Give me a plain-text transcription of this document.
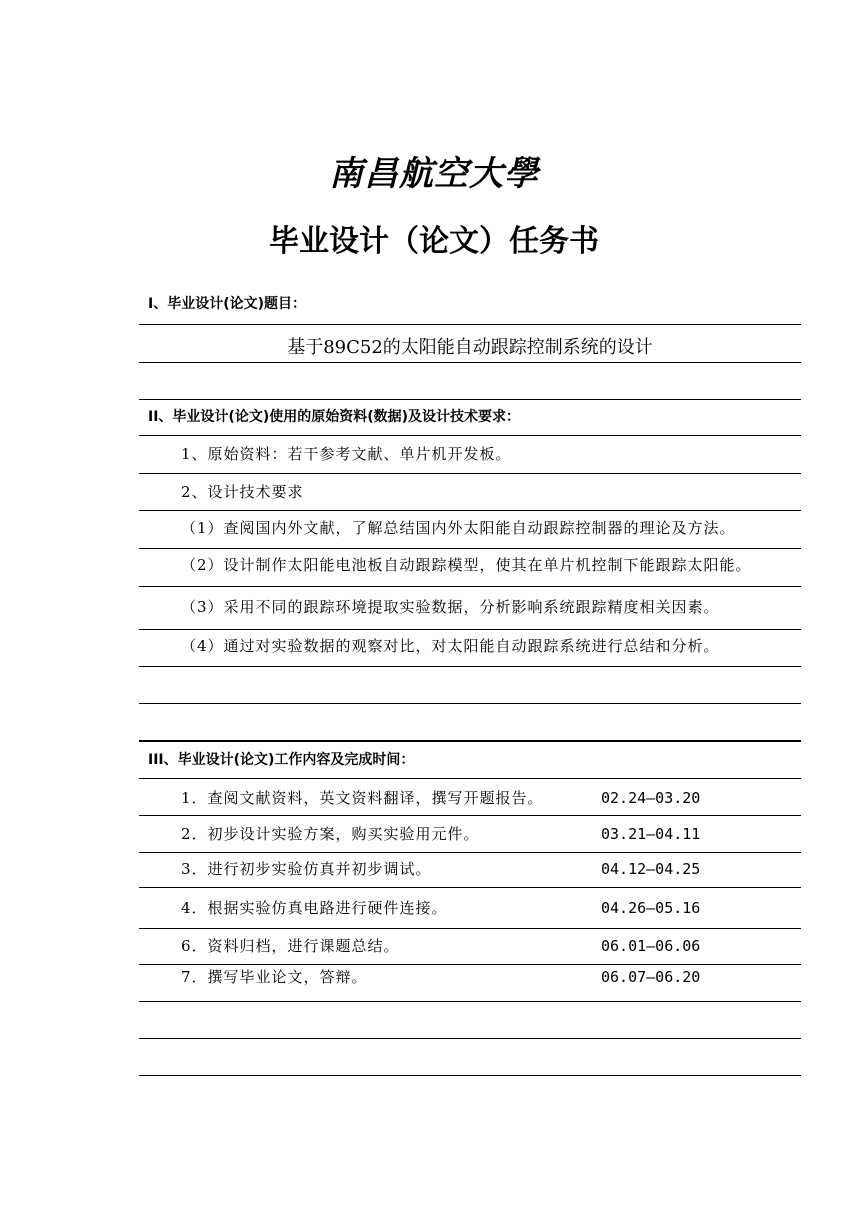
南昌航空大學
毕业设计（论文）任务书
I、毕业设计(论文)题目：
基于89C52的太阳能自动跟踪控制系统的设计
II、毕业设计(论文)使用的原始资料(数据)及设计技术要求：
1、原始资料：若干参考文献、单片机开发板。
2、设计技术要求
（1）查阅国内外文献，了解总结国内外太阳能自动跟踪控制器的理论及方法。
（2）设计制作太阳能电池板自动跟踪模型，使其在单片机控制下能跟踪太阳能。
（3）采用不同的跟踪环境提取实验数据，分析影响系统跟踪精度相关因素。
（4）通过对实验数据的观察对比，对太阳能自动跟踪系统进行总结和分析。
III、毕业设计(论文)工作内容及完成时间：
1．查阅文献资料，英文资料翻译，撰写开题报告。	02.24—03.20
2．初步设计实验方案，购买实验用元件。	03.21—04.11
3．进行初步实验仿真并初步调试。	04.12—04.25
4．根据实验仿真电路进行硬件连接。	04.26—05.16
6．资料归档，进行课题总结。	06.01—06.06
7．撰写毕业论文，答辩。	06.07—06.20
